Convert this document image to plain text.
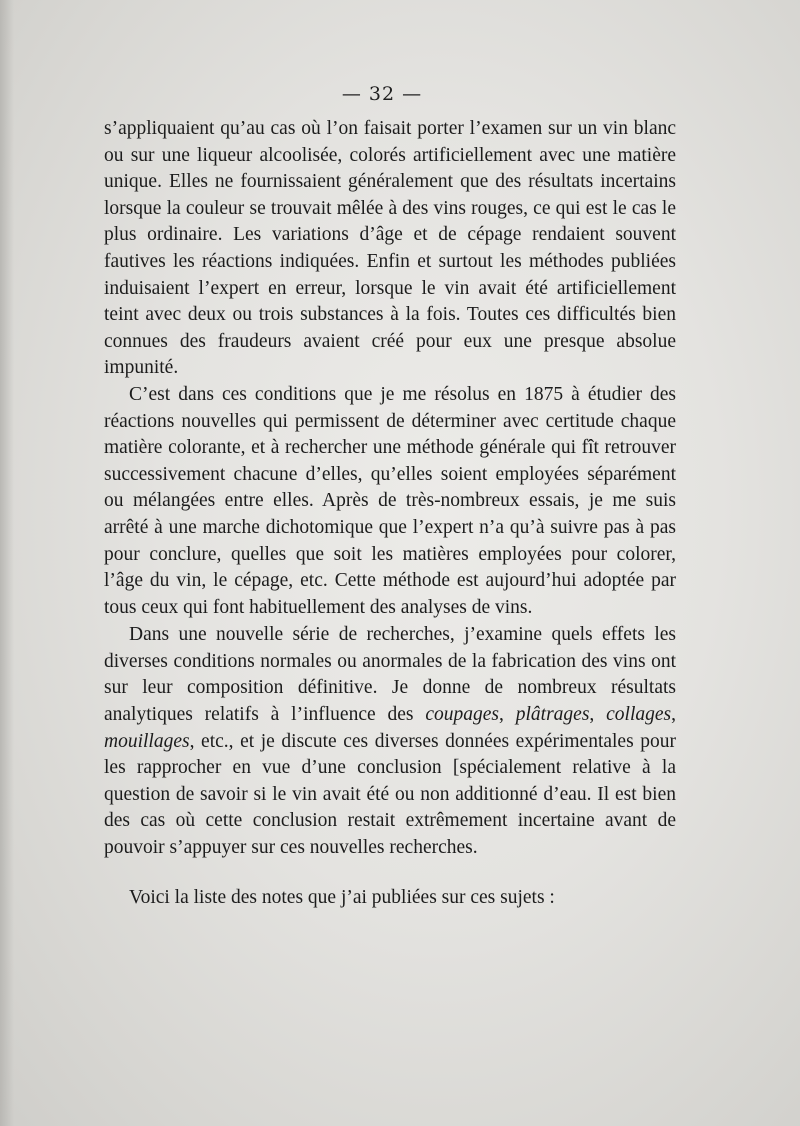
— 32 —

s’appliquaient qu’au cas où l’on faisait porter l’examen sur un vin blanc ou sur une liqueur alcoolisée, colorés artificiellement avec une matière unique. Elles ne fournissaient généralement que des résultats incertains lorsque la couleur se trouvait mêlée à des vins rouges, ce qui est le cas le plus ordinaire. Les variations d’âge et de cépage rendaient souvent fautives les réactions indiquées. Enfin et surtout les méthodes publiées induisaient l’expert en erreur, lorsque le vin avait été artificiellement teint avec deux ou trois substances à la fois. Toutes ces difficultés bien connues des fraudeurs avaient créé pour eux une presque absolue impunité.

C’est dans ces conditions que je me résolus en 1875 à étudier des réactions nouvelles qui permissent de déterminer avec certitude chaque matière colorante, et à rechercher une méthode générale qui fît retrouver successivement chacune d’elles, qu’elles soient employées séparément ou mélangées entre elles. Après de très-nombreux essais, je me suis arrêté à une marche dichotomique que l’expert n’a qu’à suivre pas à pas pour conclure, quelles que soit les matières employées pour colorer, l’âge du vin, le cépage, etc. Cette méthode est aujourd’hui adoptée par tous ceux qui font habituellement des analyses de vins.

Dans une nouvelle série de recherches, j’examine quels effets les diverses conditions normales ou anormales de la fabrication des vins ont sur leur composition définitive. Je donne de nombreux résultats analytiques relatifs à l’influence des coupages, plâtrages, collages, mouillages, etc., et je discute ces diverses données expérimentales pour les rapprocher en vue d’une conclusion [spécialement relative à la question de savoir si le vin avait été ou non additionné d’eau. Il est bien des cas où cette conclusion restait extrêmement incertaine avant de pouvoir s’appuyer sur ces nouvelles recherches.

Voici la liste des notes que j’ai publiées sur ces sujets :
